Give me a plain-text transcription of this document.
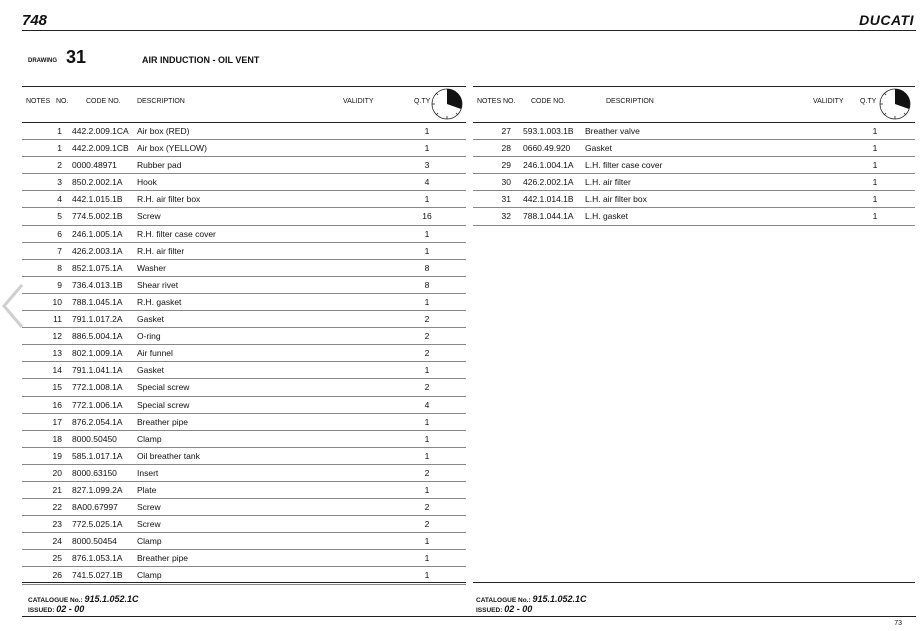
748	DUCATI
DRAWING 31	AIR INDUCTION - OIL VENT
NOTES NO.	CODE NO. DESCRIPTION	VALIDITY	Q.TY
1 442.2.009.1CA Air box (RED)	1
1 442.2.009.1CB Air box (YELLOW)	1
2 0000.48971 Rubber pad	3
3 850.2.002.1A Hook	4
4 442.1.015.1B R.H. air filter box	1
5 774.5.002.1B Screw	16
6 246.1.005.1A R.H. filter case cover	1
7 426.2.003.1A R.H. air filter	1
8 852.1.075.1A Washer	8
9 736.4.013.1B Shear rivet	8
10 788.1.045.1A R.H. gasket	1
11 791.1.017.2A Gasket	2
12 886.5.004.1A O-ring	2
13 802.1.009.1A Air funnel	2
14 791.1.041.1A Gasket	1
15 772.1.008.1A Special screw	2
16 772.1.006.1A Special screw	4
17 876.2.054.1A Breather pipe	1
18 8000.50450 Clamp	1
19 585.1.017.1A Oil breather tank	1
20 8000.63150 Insert	2
21 827.1.099.2A Plate	1
22 8A00.67997 Screw	2
23 772.5.025.1A Screw	2
24 8000.50454 Clamp	1
25 876.1.053.1A Breather pipe	1
26 741.5.027.1B Clamp	1
NOTES NO. CODE NO.	DESCRIPTION	VALIDITY Q.TY
27 593.1.003.1B Breather valve	1
28 0660.49.920 Gasket	1
29 246.1.004.1A L.H. filter case cover	1
30 426.2.002.1A L.H. air filter	1
31 442.1.014.1B L.H. air filter box	1
32 788.1.044.1A L.H. gasket	1
CATALOGUE No.: 915.1.052.1C
ISSUED: 02 - 00
CATALOGUE No.: 915.1.052.1C
ISSUED: 02 - 00
73
